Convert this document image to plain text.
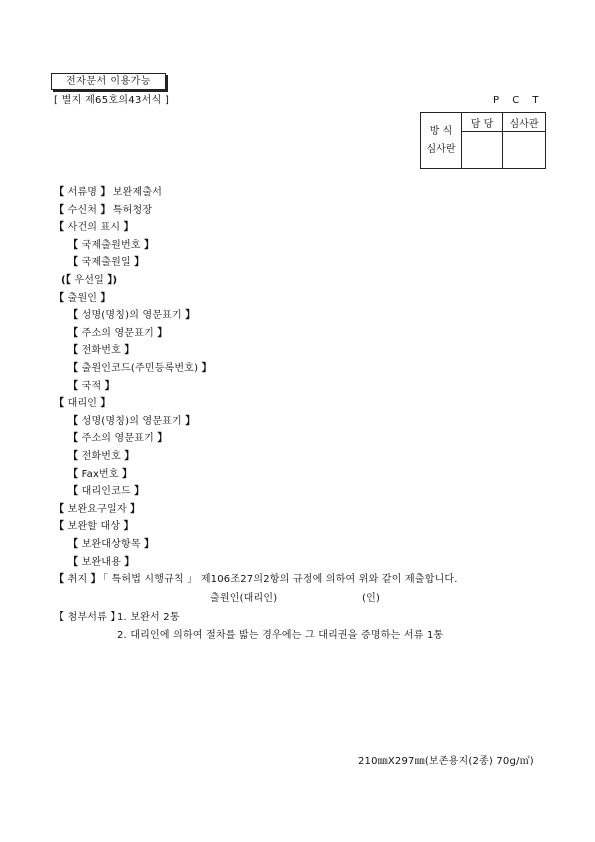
전자문서 이용가능
[ 별지 제65호의43서식 ]	P C T
방 식
심사란	담 당	심사관

【 서류명 】 보완제출서
【 수신처 】 특허청장
【 사건의 표시 】
【 국제출원번호 】
【 국제출원일 】
(【 우선일 】)
【 출원인 】
【 성명(명칭)의 영문표기 】
【 주소의 영문표기 】
【 전화번호 】
【 출원인코드(주민등록번호) 】
【 국적 】
【 대리인 】
【 성명(명칭)의 영문표기 】
【 주소의 영문표기 】
【 전화번호 】
【 Fax번호 】
【 대리인코드 】
【 보완요구일자 】
【 보완할 대상 】
【 보완대상항목 】
【 보완내용 】
【 취지 】 「 특허법 시행규칙 」 제106조27의2항의 규정에 의하여 위와 같이 제출합니다.
출원인(대리인)	(인)
【 첨부서류 】
1. 보완서 2통
2. 대리인에 의하여 절차를 밟는 경우에는 그 대리권을 증명하는 서류 1통
210㎜X297㎜(보존용지(2종) 70g/㎡)
